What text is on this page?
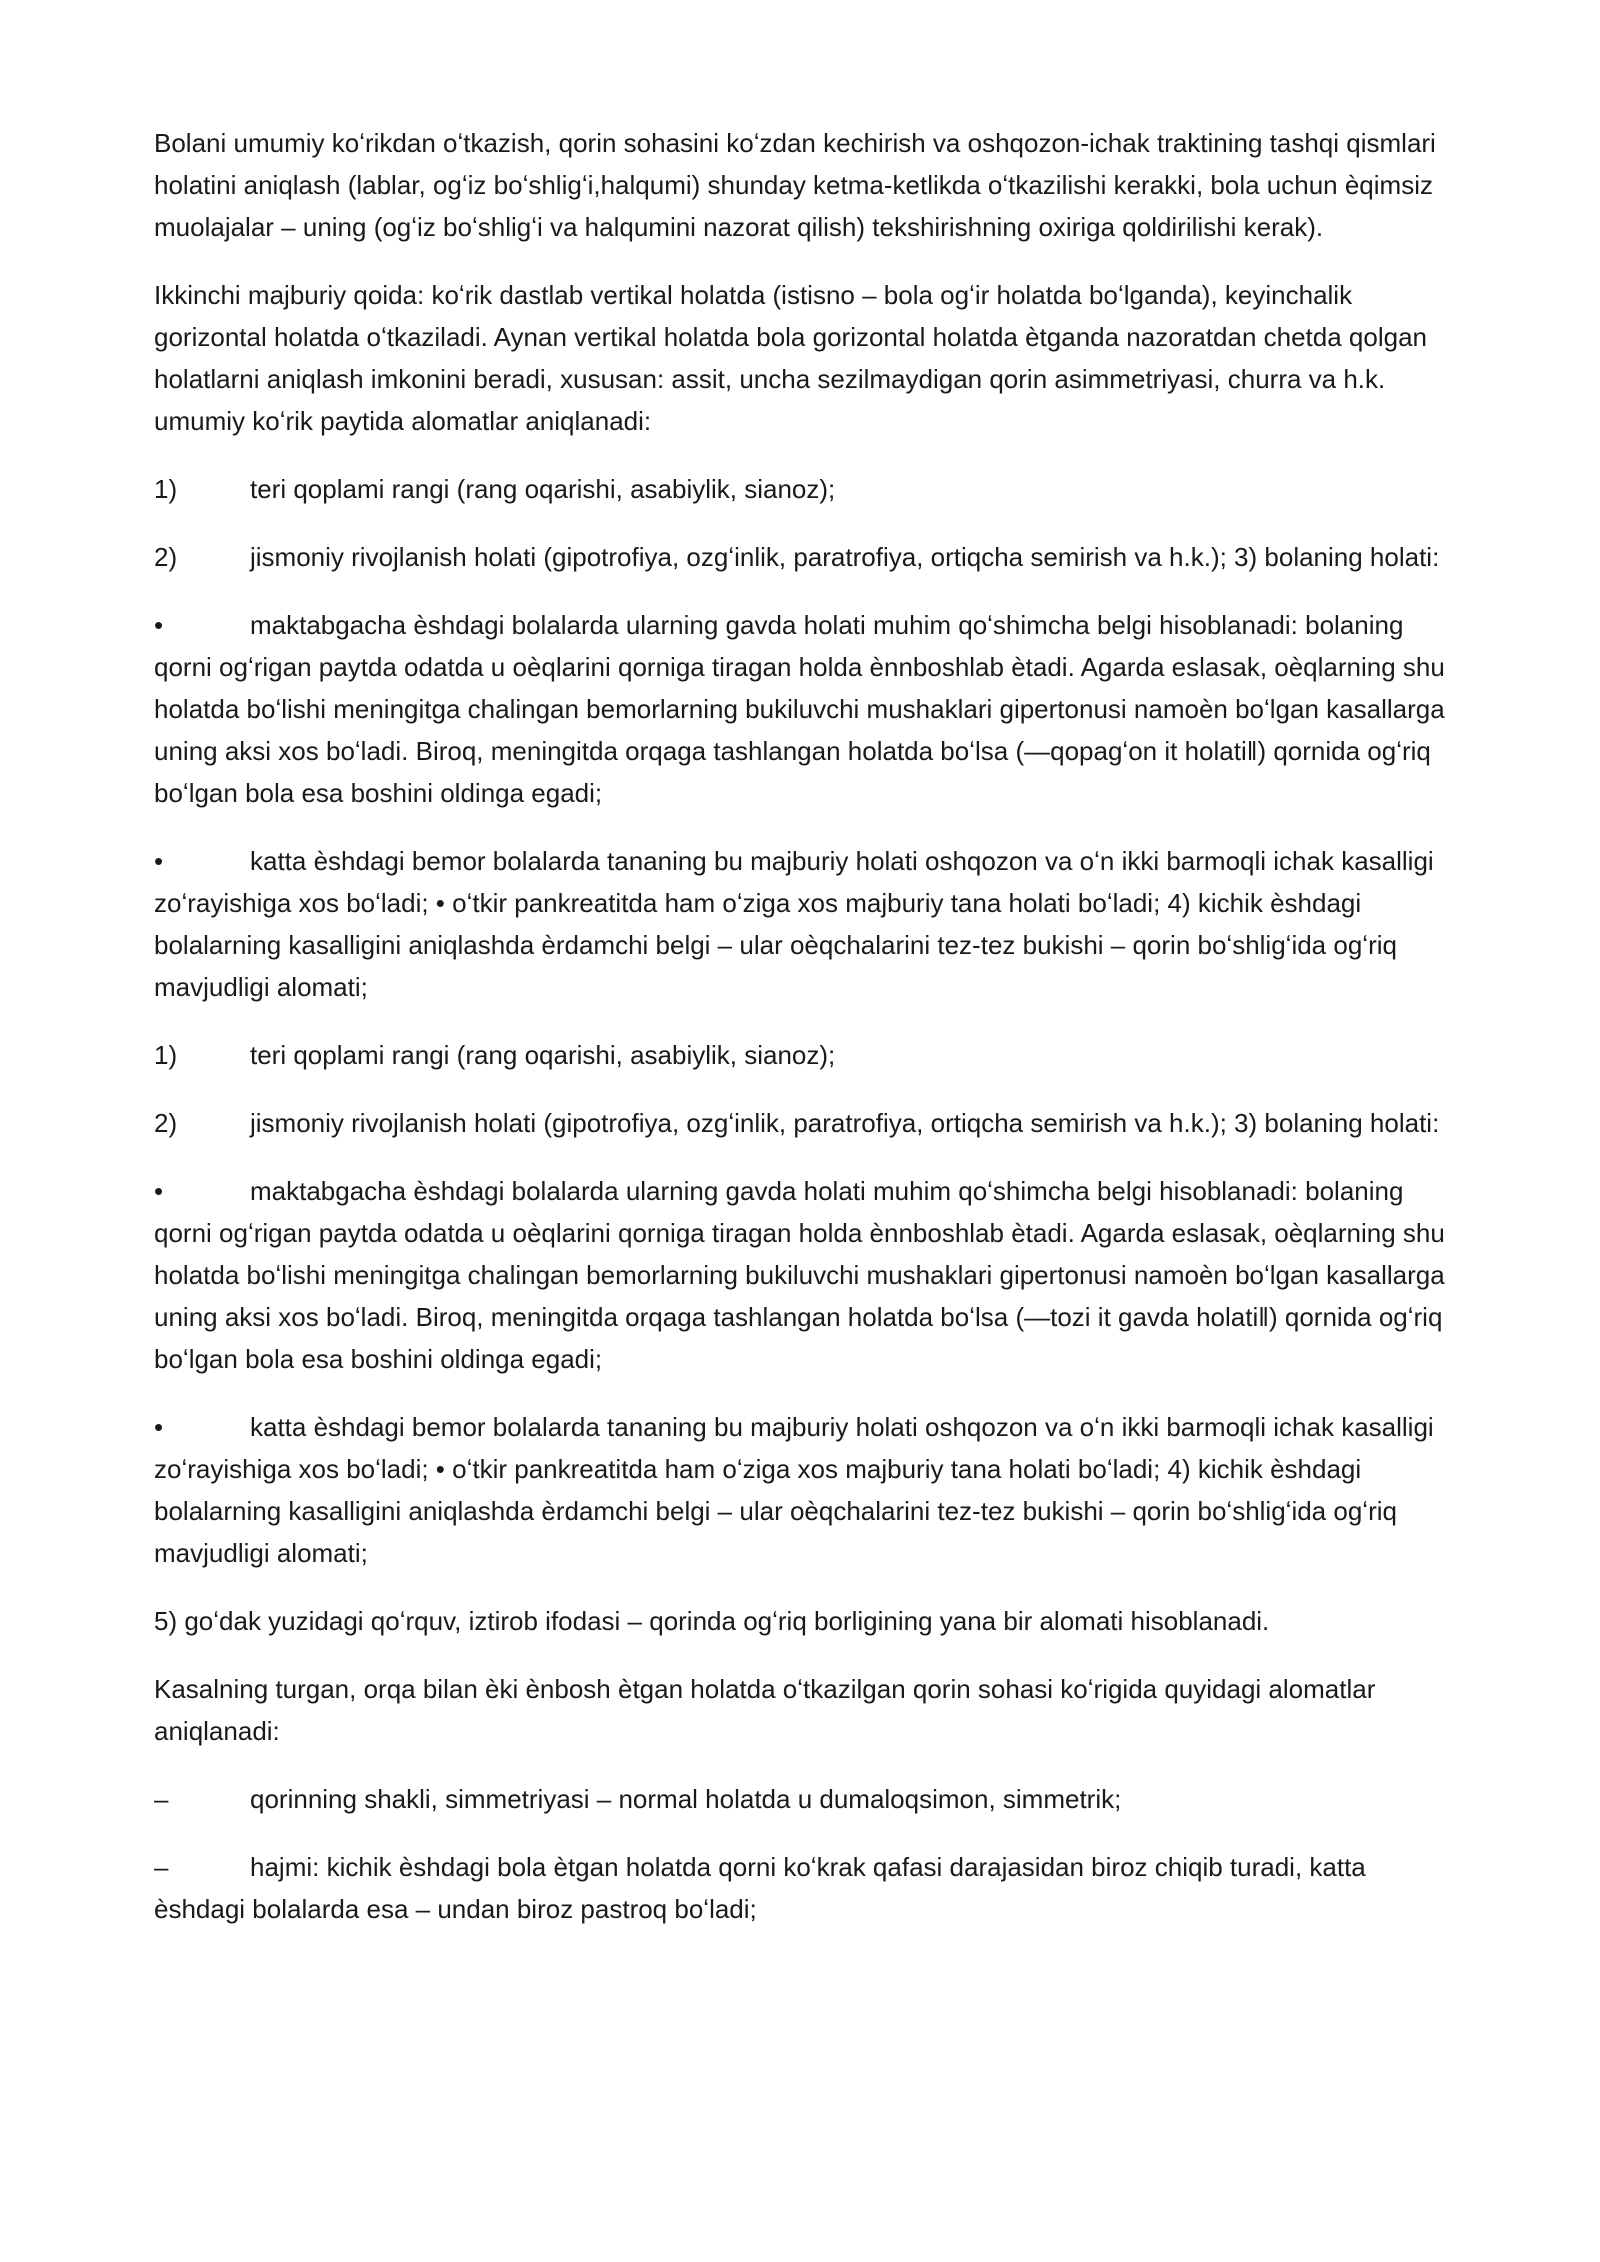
Bolani umumiy koʻrikdan oʻtkazish, qorin sohasini koʻzdan kechirish va oshqozon-ichak traktining tashqi qismlari holatini aniqlash (lablar, ogʻiz boʻshligʻi,halqumi) shunday ketma-ketlikda oʻtkazilishi kerakki, bola uchun èqimsiz muolajalar – uning (ogʻiz boʻshligʻi va halqumini nazorat qilish) tekshirishning oxiriga qoldirilishi kerak).

Ikkinchi majburiy qoida: koʻrik dastlab vertikal holatda (istisno – bola ogʻir holatda boʻlganda), keyinchalik gorizontal holatda oʻtkaziladi. Aynan vertikal holatda bola gorizontal holatda ètganda nazoratdan chetda qolgan holatlarni aniqlash imkonini beradi, xususan: assit, uncha sezilmaydigan qorin asimmetriyasi, churra va h.k. umumiy koʻrik paytida alomatlar aniqlanadi:

1)	teri qoplami rangi (rang oqarishi, asabiylik, sianoz);
2)	jismoniy rivojlanish holati (gipotrofiya, ozgʻinlik, paratrofiya, ortiqcha semirish va h.k.); 3) bolaning holati:
•	maktabgacha èshdagi bolalarda ularning gavda holati muhim qoʻshimcha belgi hisoblanadi: bolaning qorni ogʻrigan paytda odatda u oèqlarini qorniga tiragan holda ènnboshlab ètadi. Agarda eslasak, oèqlarning shu holatda boʻlishi meningitga chalingan bemorlarning bukiluvchi mushaklari gipertonusi namoèn boʻlgan kasallarga uning aksi xos boʻladi. Biroq, meningitda orqaga tashlangan holatda boʻlsa (—qopagʻon it holati‖) qornida ogʻriq boʻlgan bola esa boshini oldinga egadi;
•	katta èshdagi bemor bolalarda tananing bu majburiy holati oshqozon va oʻn ikki barmoqli ichak kasalligi zoʻrayishiga xos boʻladi; • oʻtkir pankreatitda ham oʻziga xos majburiy tana holati boʻladi; 4) kichik èshdagi bolalarning kasalligini aniqlashda èrdamchi belgi – ular oèqchalarini tez-tez bukishi – qorin boʻshligʻida ogʻriq mavjudligi alomati;
1)	teri qoplami rangi (rang oqarishi, asabiylik, sianoz);
2)	jismoniy rivojlanish holati (gipotrofiya, ozgʻinlik, paratrofiya, ortiqcha semirish va h.k.); 3) bolaning holati:
•	maktabgacha èshdagi bolalarda ularning gavda holati muhim qoʻshimcha belgi hisoblanadi: bolaning qorni ogʻrigan paytda odatda u oèqlarini qorniga tiragan holda ènnboshlab ètadi. Agarda eslasak, oèqlarning shu holatda boʻlishi meningitga chalingan bemorlarning bukiluvchi mushaklari gipertonusi namoèn boʻlgan kasallarga uning aksi xos boʻladi. Biroq, meningitda orqaga tashlangan holatda boʻlsa (—tozi it gavda holati‖) qornida ogʻriq boʻlgan bola esa boshini oldinga egadi;
•	katta èshdagi bemor bolalarda tananing bu majburiy holati oshqozon va oʻn ikki barmoqli ichak kasalligi zoʻrayishiga xos boʻladi; • oʻtkir pankreatitda ham oʻziga xos majburiy tana holati boʻladi; 4) kichik èshdagi bolalarning kasalligini aniqlashda èrdamchi belgi – ular oèqchalarini tez-tez bukishi – qorin boʻshligʻida ogʻriq mavjudligi alomati;

5) goʻdak yuzidagi qoʻrquv, iztirob ifodasi – qorinda ogʻriq borligining yana bir alomati hisoblanadi.

Kasalning turgan, orqa bilan èki ènbosh ètgan holatda oʻtkazilgan qorin sohasi koʻrigida quyidagi alomatlar aniqlanadi:

–	qorinning shakli, simmetriyasi – normal holatda u dumaloqsimon, simmetrik;
–	hajmi: kichik èshdagi bola ètgan holatda qorni koʻkrak qafasi darajasidan biroz chiqib turadi, katta èshdagi bolalarda esa – undan biroz pastroq boʻladi;
